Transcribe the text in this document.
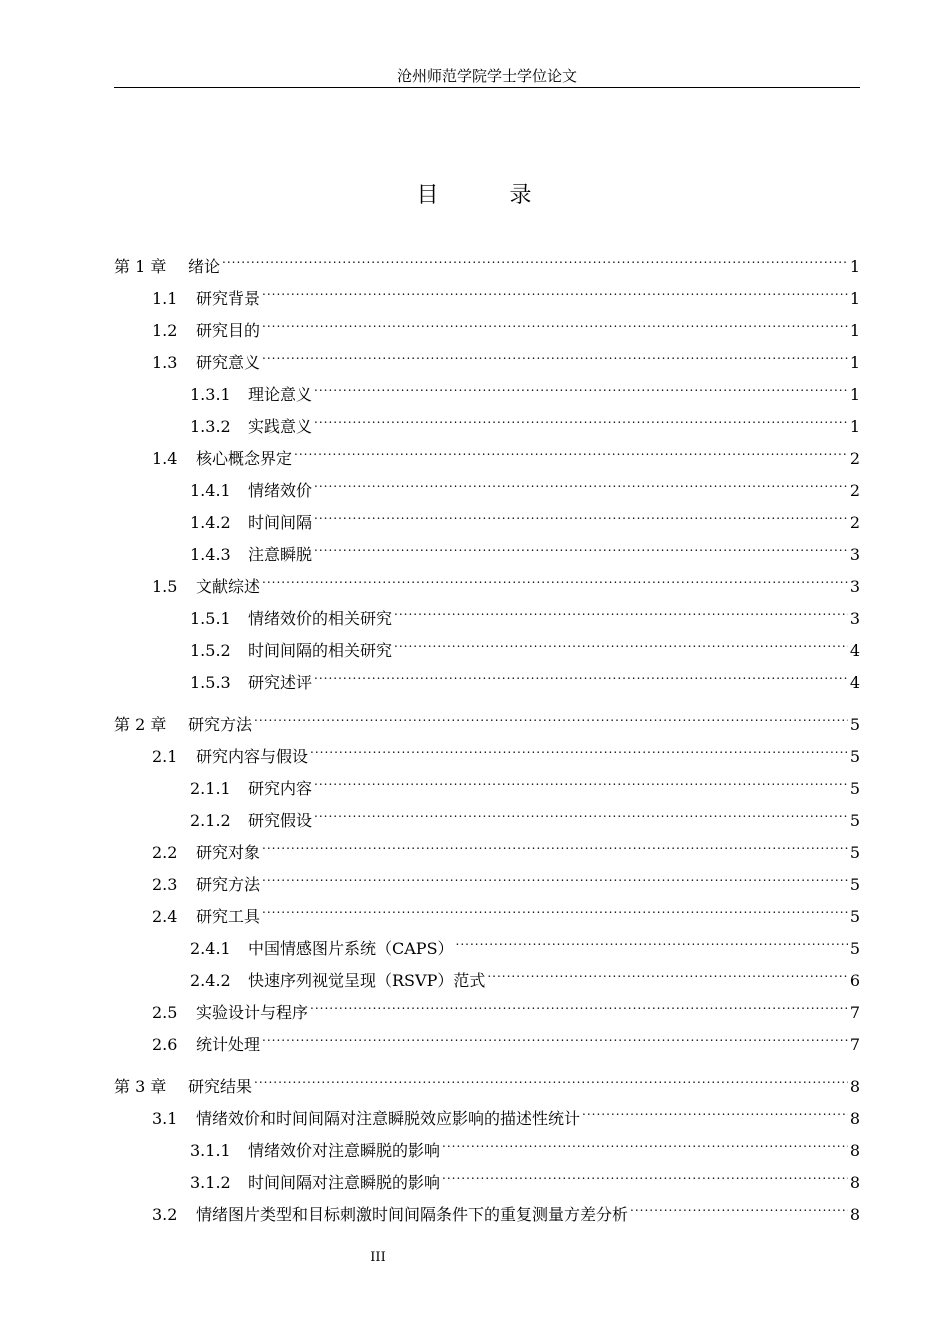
沧州师范学院学士学位论文
目	录
第 1 章	绪论 .....	1
1.1	研究背景 .....	1
1.2	研究目的 .....	1
1.3	研究意义 .....	1
1.3.1	理论意义 .....	1
1.3.2	实践意义 .....	1
1.4	核心概念界定 .....	2
1.4.1	情绪效价 .....	2
1.4.2	时间间隔 .....	2
1.4.3	注意瞬脱 .....	3
1.5	文献综述 .....	3
1.5.1	情绪效价的相关研究 .....	3
1.5.2	时间间隔的相关研究 .....	4
1.5.3	研究述评 .....	4
第 2 章	研究方法 .....	5
2.1	研究内容与假设 .....	5
2.1.1	研究内容 .....	5
2.1.2	研究假设 .....	5
2.2	研究对象 .....	5
2.3	研究方法 .....	5
2.4	研究工具 .....	5
2.4.1	中国情感图片系统（CAPS） .....	5
2.4.2	快速序列视觉呈现（RSVP）范式 .....	6
2.5	实验设计与程序 .....	7
2.6	统计处理 .....	7
第 3 章	研究结果 .....	8
3.1	情绪效价和时间间隔对注意瞬脱效应影响的描述性统计 .....	8
3.1.1	情绪效价对注意瞬脱的影响 .....	8
3.1.2	时间间隔对注意瞬脱的影响 .....	8
3.2	情绪图片类型和目标刺激时间间隔条件下的重复测量方差分析 .....	8
III
